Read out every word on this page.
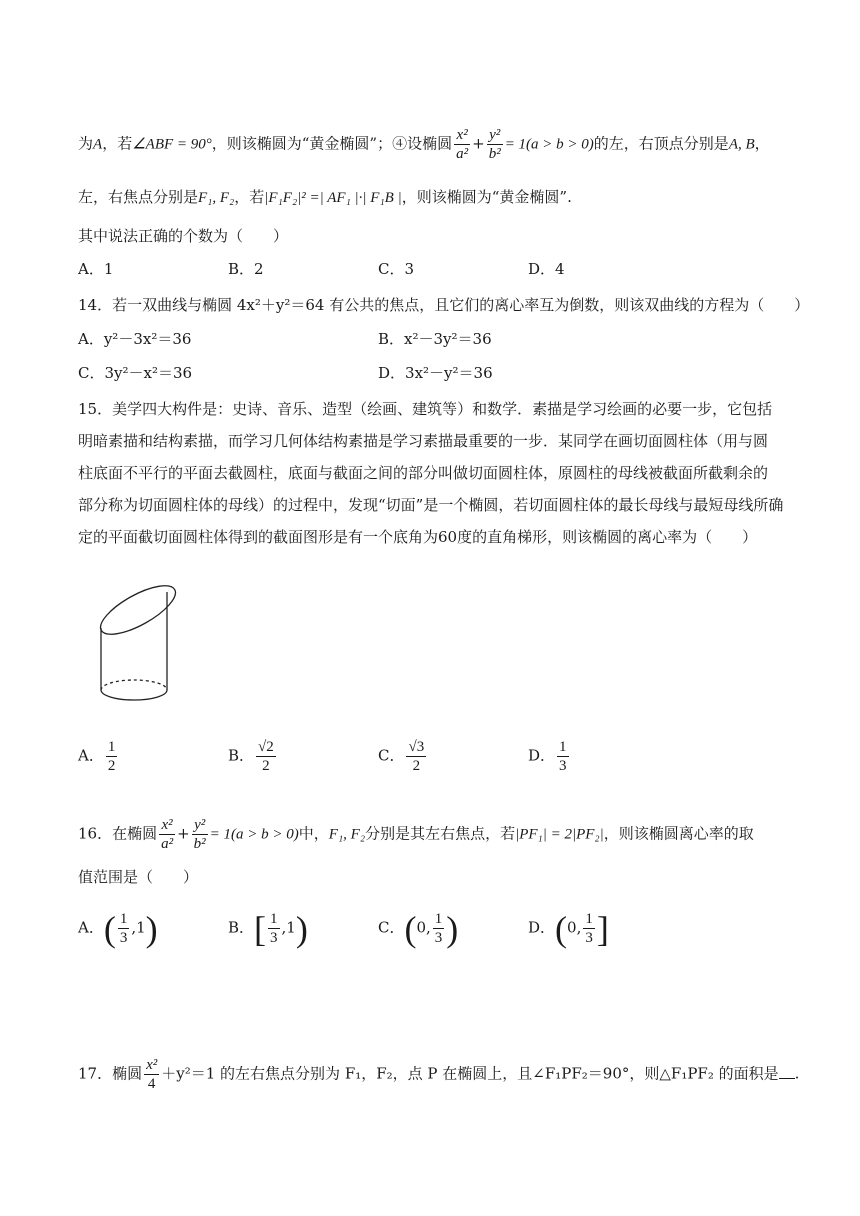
为A，若∠ABF = 90°，则该椭圆为“黄金椭圆”；④设椭圆 $\frac{\text{x²}}{\text{a²}} + \frac{\text{y²}}{\text{b²}} = 1(a > b > 0)$的左，右顶点分别是A, B，
左，右焦点分别是F₁, F₂，若|F₁F₂|² =| AF₁ |·| F₁B |，则该椭圆为“黄金椭圆”.
其中说法正确的个数为（　　）
A．1	B．2	C．3	D．4
14．若一双曲线与椭圆 4x²＋y²＝64 有公共的焦点，且它们的离心率互为倒数，则该双曲线的方程为（　　）
A．y²－3x²＝36	B．x²－3y²＝36
C．3y²－x²＝36	D．3x²－y²＝36
15．美学四大构件是：史诗、音乐、造型（绘画、建筑等）和数学．素描是学习绘画的必要一步，它包括
明暗素描和结构素描，而学习几何体结构素描是学习素描最重要的一步．某同学在画切面圆柱体（用与圆
柱底面不平行的平面去截圆柱，底面与截面之间的部分叫做切面圆柱体，原圆柱的母线被截面所截剩余的
部分称为切面圆柱体的母线）的过程中，发现“切面”是一个椭圆，若切面圆柱体的最长母线与最短母线所确
定的平面截切面圆柱体得到的截面图形是有一个底角为60度的直角梯形，则该椭圆的离心率为（　　）
A． $\frac{1}{2}$	B． $\frac{√2}{2}$	C． $\frac{√3}{2}$	D． $\frac{1}{3}$
16．在椭圆 $\frac{\text{x²}}{\text{a²}} + \frac{\text{y²}}{\text{b²}} = 1(a > b > 0)$中，F₁, F₂分别是其左右焦点，若|PF₁| = 2|PF₂|，则该椭圆离心率的取
值范围是（　　）
A．( $\frac{1}{3} ,1$)	B．[ $\frac{1}{3} ,1$)	C．(0, $\frac{1}{3}$ )	D．(0, $\frac{1}{3}$ ]
17．椭圆 $\frac{\text{x²}}{4} +y^2=1$ 的左右焦点分别为 F₁，F₂，点 P 在椭圆上，且∠F₁PF₂＝90°，则△F₁PF₂ 的面积是 .
